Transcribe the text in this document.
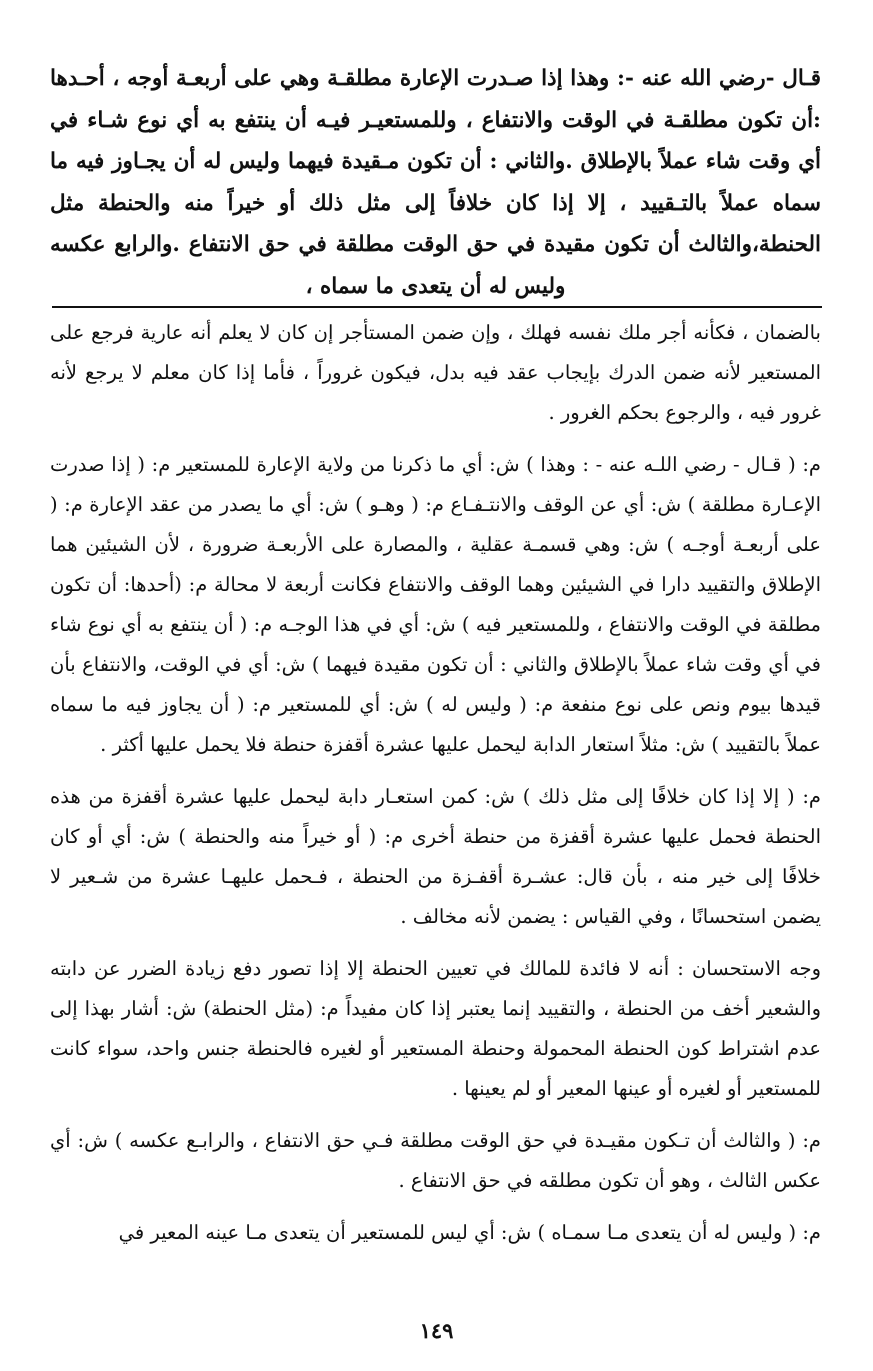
قـال -رضي الله عنه -: وهذا إذا صـدرت الإعارة مطلقـة وهي على أربعـة أوجه ، أحـدها :أن تكون مطلقـة في الوقت والانتفاع ، وللمستعيـر فيـه أن ينتفع به أي نوع شـاء في أي وقت شاء عملاً بالإطلاق .والثاني : أن تكون مـقيدة فيهما وليس له أن يجـاوز فيه ما سماه عملاً بالتـقييد ، إلا إذا كان خلافاً إلى مثل ذلك أو خيراً منه والحنطة مثل الحنطة،والثالث أن تكون مقيدة في حق الوقت مطلقة في حق الانتفاع .والرابع عكسه وليس له أن يتعدى ما سماه ،

بالضمان ، فكأنه أجر ملك نفسه فهلك ، وإن ضمن المستأجر إن كان لا يعلم أنه عارية فرجع على المستعير لأنه ضمن الدرك بإيجاب عقد فيه بدل، فيكون غروراً ، فأما إذا كان معلم لا يرجع لأنه غرور فيه ، والرجوع بحكم الغرور .

م: ( قـال - رضي اللـه عنه - : وهذا ) ش: أي ما ذكرنا من ولاية الإعارة للمستعير م: ( إذا صدرت الإعـارة مطلقة ) ش: أي عن الوقف والانتـفـاع م: ( وهـو ) ش: أي ما يصدر من عقد الإعارة م: ( على أربعـة أوجـه ) ش: وهي قسمـة عقلية ، والمصارة على الأربعـة ضرورة ، لأن الشيئين هما الإطلاق والتقييد دارا في الشيئين وهما الوقف والانتفاع فكانت أربعة لا محالة م: (أحدها: أن تكون مطلقة في الوقت والانتفاع ، وللمستعير فيه ) ش: أي في هذا الوجـه م: ( أن ينتفع به أي نوع شاء في أي وقت شاء عملاً بالإطلاق والثاني : أن تكون مقيدة فيهما ) ش: أي في الوقت، والانتفاع بأن قيدها بيوم ونص على نوع منفعة م: ( وليس له ) ش: أي للمستعير م: ( أن يجاوز فيه ما سماه عملاً بالتقييد ) ش: مثلاً استعار الدابة ليحمل عليها عشرة أقفزة حنطة فلا يحمل عليها أكثر .

م: ( إلا إذا كان خلافًا إلى مثل ذلك ) ش: كمن استعـار دابة ليحمل عليها عشرة أقفزة من هذه الحنطة فحمل عليها عشرة أقفزة من حنطة أخرى م: ( أو خيراً منه والحنطة ) ش: أي أو كان خلافًا إلى خير منه ، بأن قال: عشـرة أقفـزة من الحنطة ، فـحمل عليهـا عشرة من شـعير لا يضمن استحسانًا ، وفي القياس : يضمن لأنه مخالف .

وجه الاستحسان : أنه لا فائدة للمالك في تعيين الحنطة إلا إذا تصور دفع زيادة الضرر عن دابته والشعير أخف من الحنطة ، والتقييد إنما يعتبر إذا كان مفيداً م: (مثل الحنطة) ش: أشار بهذا إلى عدم اشتراط كون الحنطة المحمولة وحنطة المستعير أو لغيره فالحنطة جنس واحد، سواء كانت للمستعير أو لغيره أو عينها المعير أو لم يعينها .

م: ( والثالث أن تـكون مقيـدة في حق الوقت مطلقة فـي حق الانتفاع ، والرابـع عكسه ) ش: أي عكس الثالث ، وهو أن تكون مطلقه في حق الانتفاع .

م: ( وليس له أن يتعدى مـا سمـاه ) ش: أي ليس للمستعير أن يتعدى مـا عينه المعير في

١٤٩
